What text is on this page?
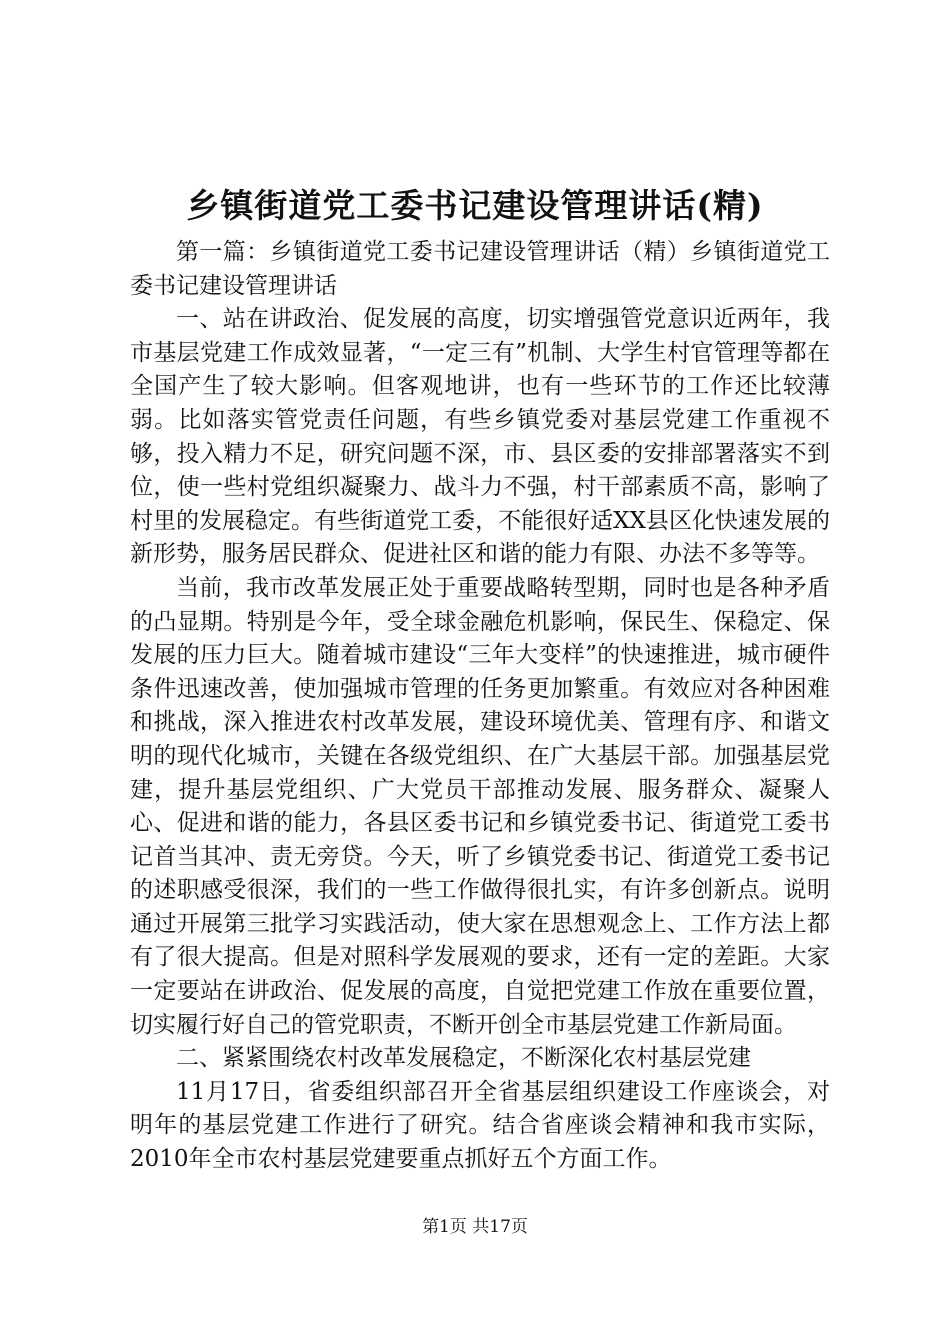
乡镇街道党工委书记建设管理讲话(精)

第一篇：乡镇街道党工委书记建设管理讲话（精）乡镇街道党工委书记建设管理讲话

一、站在讲政治、促发展的高度，切实增强管党意识近两年，我市基层党建工作成效显著，“一定三有”机制、大学生村官管理等都在全国产生了较大影响。但客观地讲，也有一些环节的工作还比较薄弱。比如落实管党责任问题，有些乡镇党委对基层党建工作重视不够，投入精力不足，研究问题不深，市、县区委的安排部署落实不到位，使一些村党组织凝聚力、战斗力不强，村干部素质不高，影响了村里的发展稳定。有些街道党工委，不能很好适XX县区化快速发展的新形势，服务居民群众、促进社区和谐的能力有限、办法不多等等。

当前，我市改革发展正处于重要战略转型期，同时也是各种矛盾的凸显期。特别是今年，受全球金融危机影响，保民生、保稳定、保发展的压力巨大。随着城市建设“三年大变样”的快速推进，城市硬件条件迅速改善，使加强城市管理的任务更加繁重。有效应对各种困难和挑战，深入推进农村改革发展，建设环境优美、管理有序、和谐文明的现代化城市，关键在各级党组织、在广大基层干部。加强基层党建，提升基层党组织、广大党员干部推动发展、服务群众、凝聚人心、促进和谐的能力，各县区委书记和乡镇党委书记、街道党工委书记首当其冲、责无旁贷。今天，听了乡镇党委书记、街道党工委书记的述职感受很深，我们的一些工作做得很扎实，有许多创新点。说明通过开展第三批学习实践活动，使大家在思想观念上、工作方法上都有了很大提高。但是对照科学发展观的要求，还有一定的差距。大家一定要站在讲政治、促发展的高度，自觉把党建工作放在重要位置，切实履行好自己的管党职责，不断开创全市基层党建工作新局面。

二、紧紧围绕农村改革发展稳定，不断深化农村基层党建

11月17日，省委组织部召开全省基层组织建设工作座谈会，对明年的基层党建工作进行了研究。结合省座谈会精神和我市实际，2010年全市农村基层党建要重点抓好五个方面工作。

第1页 共17页
